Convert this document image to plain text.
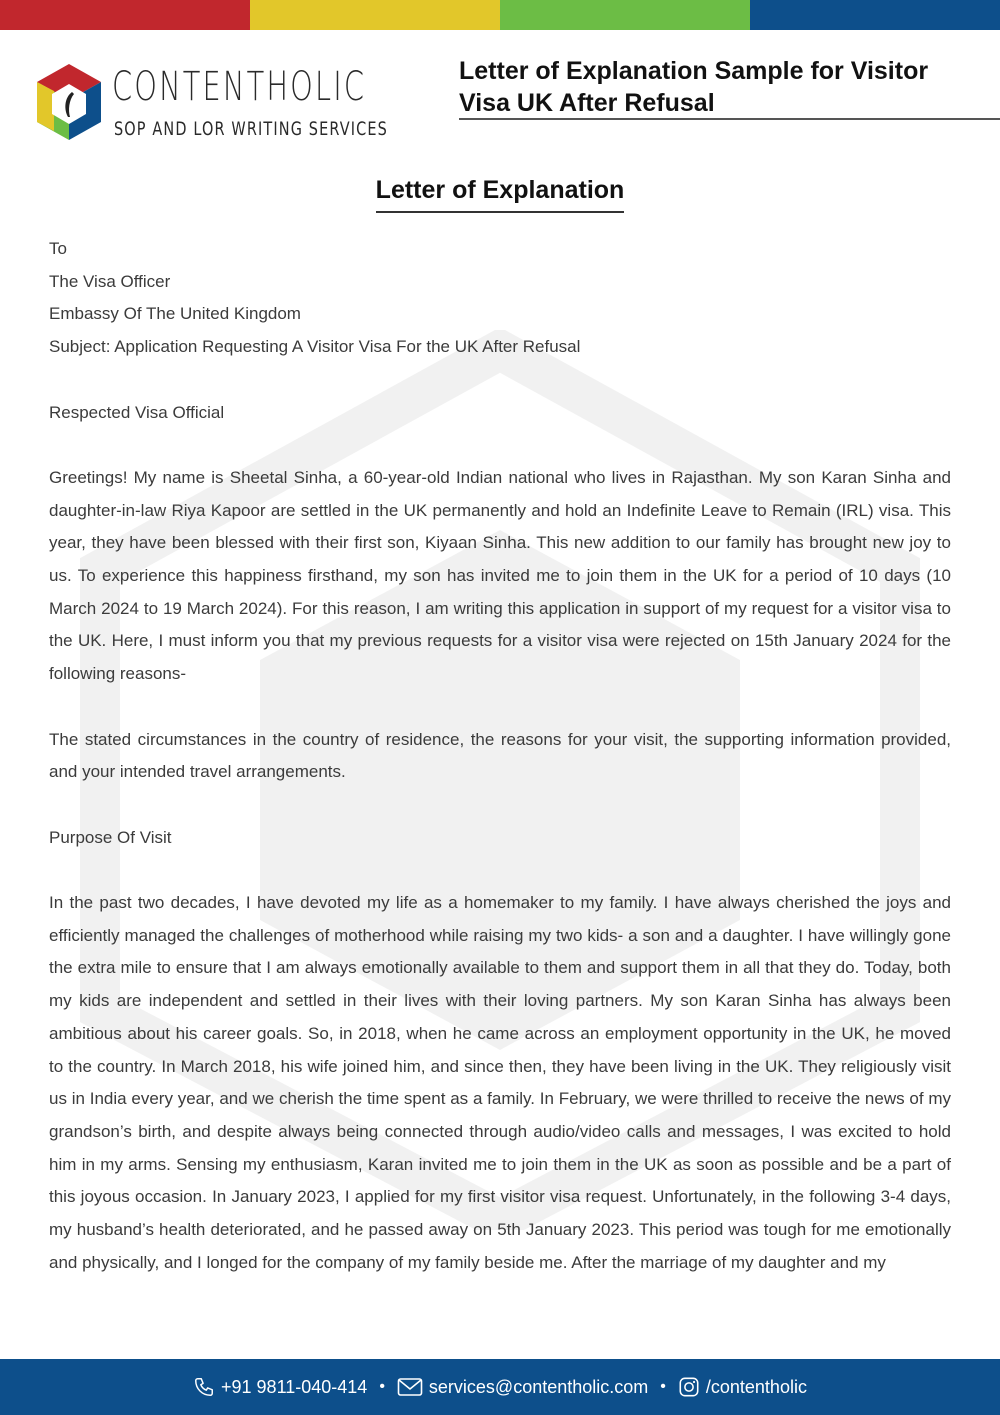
CONTENTHOLIC
SOP AND LOR WRITING SERVICES
Letter of Explanation Sample for Visitor
Visa UK After Refusal
Letter of Explanation

To

The Visa Officer

Embassy Of The United Kingdom

Subject: Application Requesting A Visitor Visa For the UK After Refusal

Respected Visa Official

Greetings! My name is Sheetal Sinha, a 60-year-old Indian national who lives in Rajasthan. My son Karan Sinha and daughter-in-law Riya Kapoor are settled in the UK permanently and hold an Indefinite Leave to Remain (IRL) visa. This year, they have been blessed with their first son, Kiyaan Sinha. This new addition to our family has brought new joy to us. To experience this happiness firsthand, my son has invited me to join them in the UK for a period of 10 days (10 March 2024 to 19 March 2024). For this reason, I am writing this application in support of my request for a visitor visa to the UK. Here, I must inform you that my previous requests for a visitor visa were rejected on 15th January 2024 for the following reasons-

The stated circumstances in the country of residence, the reasons for your visit, the supporting information provided, and your intended travel arrangements.

Purpose Of Visit

In the past two decades, I have devoted my life as a homemaker to my family. I have always cherished the joys and efficiently managed the challenges of motherhood while raising my two kids- a son and a daughter. I have willingly gone the extra mile to ensure that I am always emotionally available to them and support them in all that they do. Today, both my kids are independent and settled in their lives with their loving partners. My son Karan Sinha has always been ambitious about his career goals. So, in 2018, when he came across an employment opportunity in the UK, he moved to the country. In March 2018, his wife joined him, and since then, they have been living in the UK. They religiously visit us in India every year, and we cherish the time spent as a family. In February, we were thrilled to receive the news of my grandson’s birth, and despite always being connected through audio/video calls and messages, I was excited to hold him in my arms. Sensing my enthusiasm, Karan invited me to join them in the UK as soon as possible and be a part of this joyous occasion. In January 2023, I applied for my first visitor visa request. Unfortunately, in the following 3-4 days, my husband’s health deteriorated, and he passed away on 5th January 2023. This period was tough for me emotionally and physically, and I longed for the company of my family beside me. After the marriage of my daughter and my

+91 9811-040-414 • services@contentholic.com • /contentholic
